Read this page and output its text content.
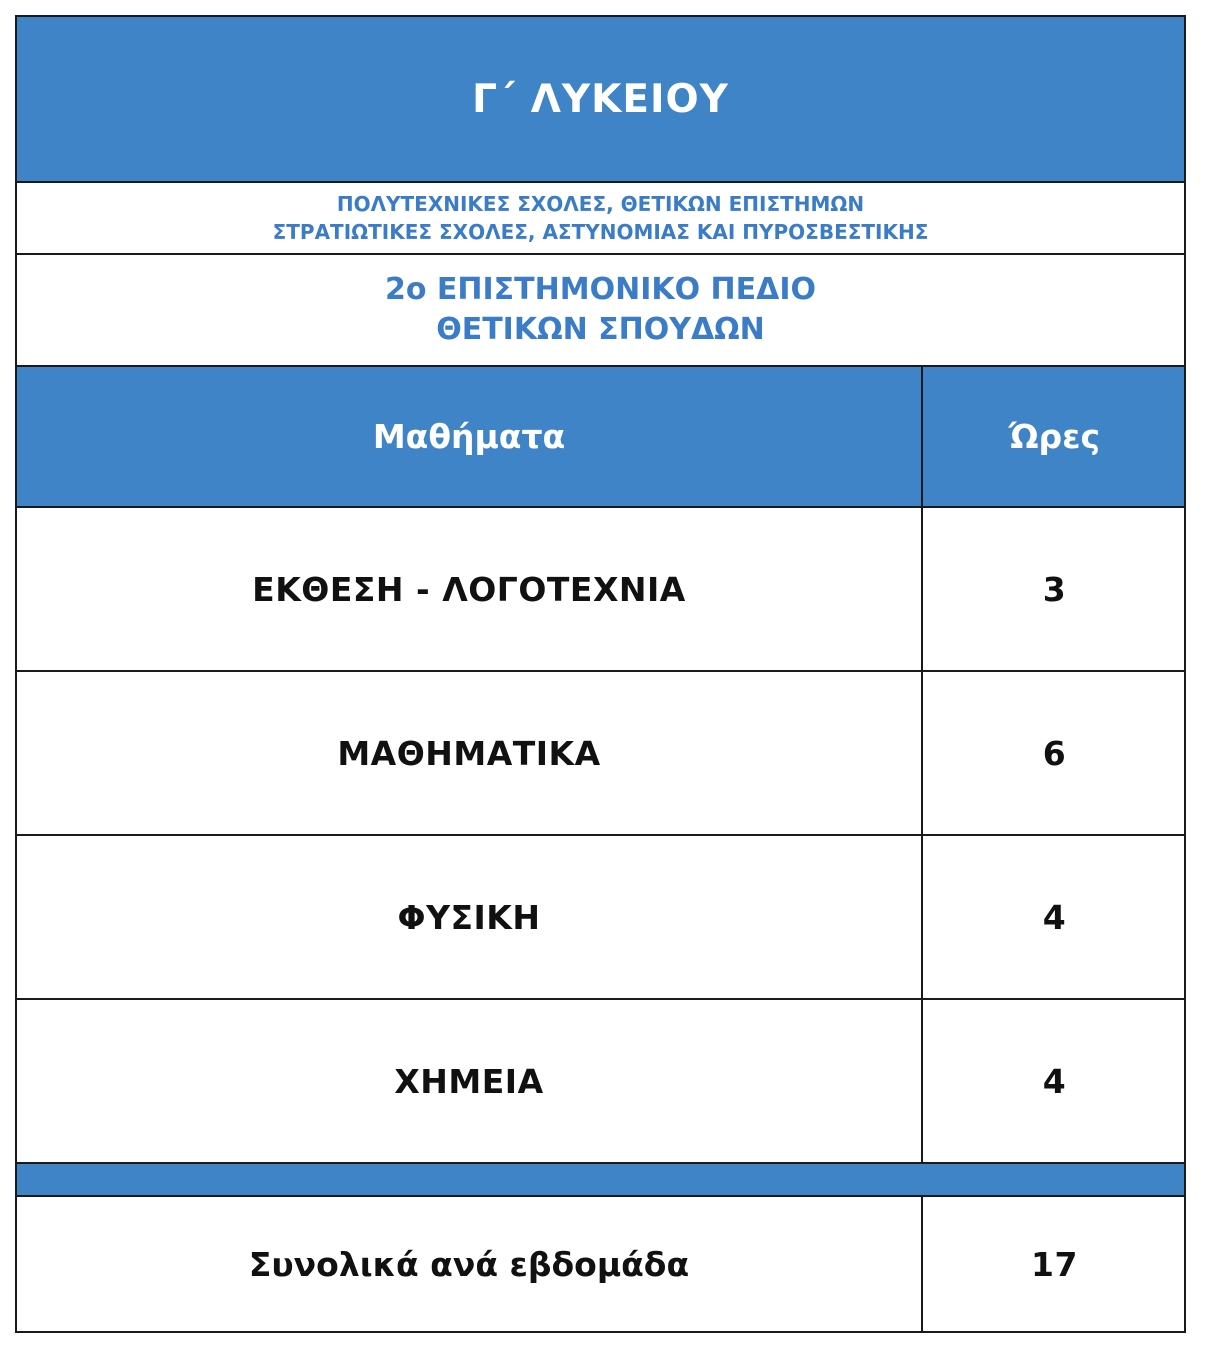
Γ΄ ΛΥΚΕΙΟΥ
ΠΟΛΥΤΕΧΝΙΚΕΣ ΣΧΟΛΕΣ, ΘΕΤΙΚΩΝ ΕΠΙΣΤΗΜΩΝ
ΣΤΡΑΤΙΩΤΙΚΕΣ ΣΧΟΛΕΣ, ΑΣΤΥΝΟΜΙΑΣ ΚΑΙ ΠΥΡΟΣΒΕΣΤΙΚΗΣ
2ο ΕΠΙΣΤΗΜΟΝΙΚΟ ΠΕΔΙΟ
ΘΕΤΙΚΩΝ ΣΠΟΥΔΩΝ
Μαθήματα	Ώρες
ΕΚΘΕΣΗ - ΛΟΓΟΤΕΧΝΙΑ	3
ΜΑΘΗΜΑΤΙΚΑ	6
ΦΥΣΙΚΗ	4
ΧΗΜΕΙΑ	4
Συνολικά ανά εβδομάδα	17
